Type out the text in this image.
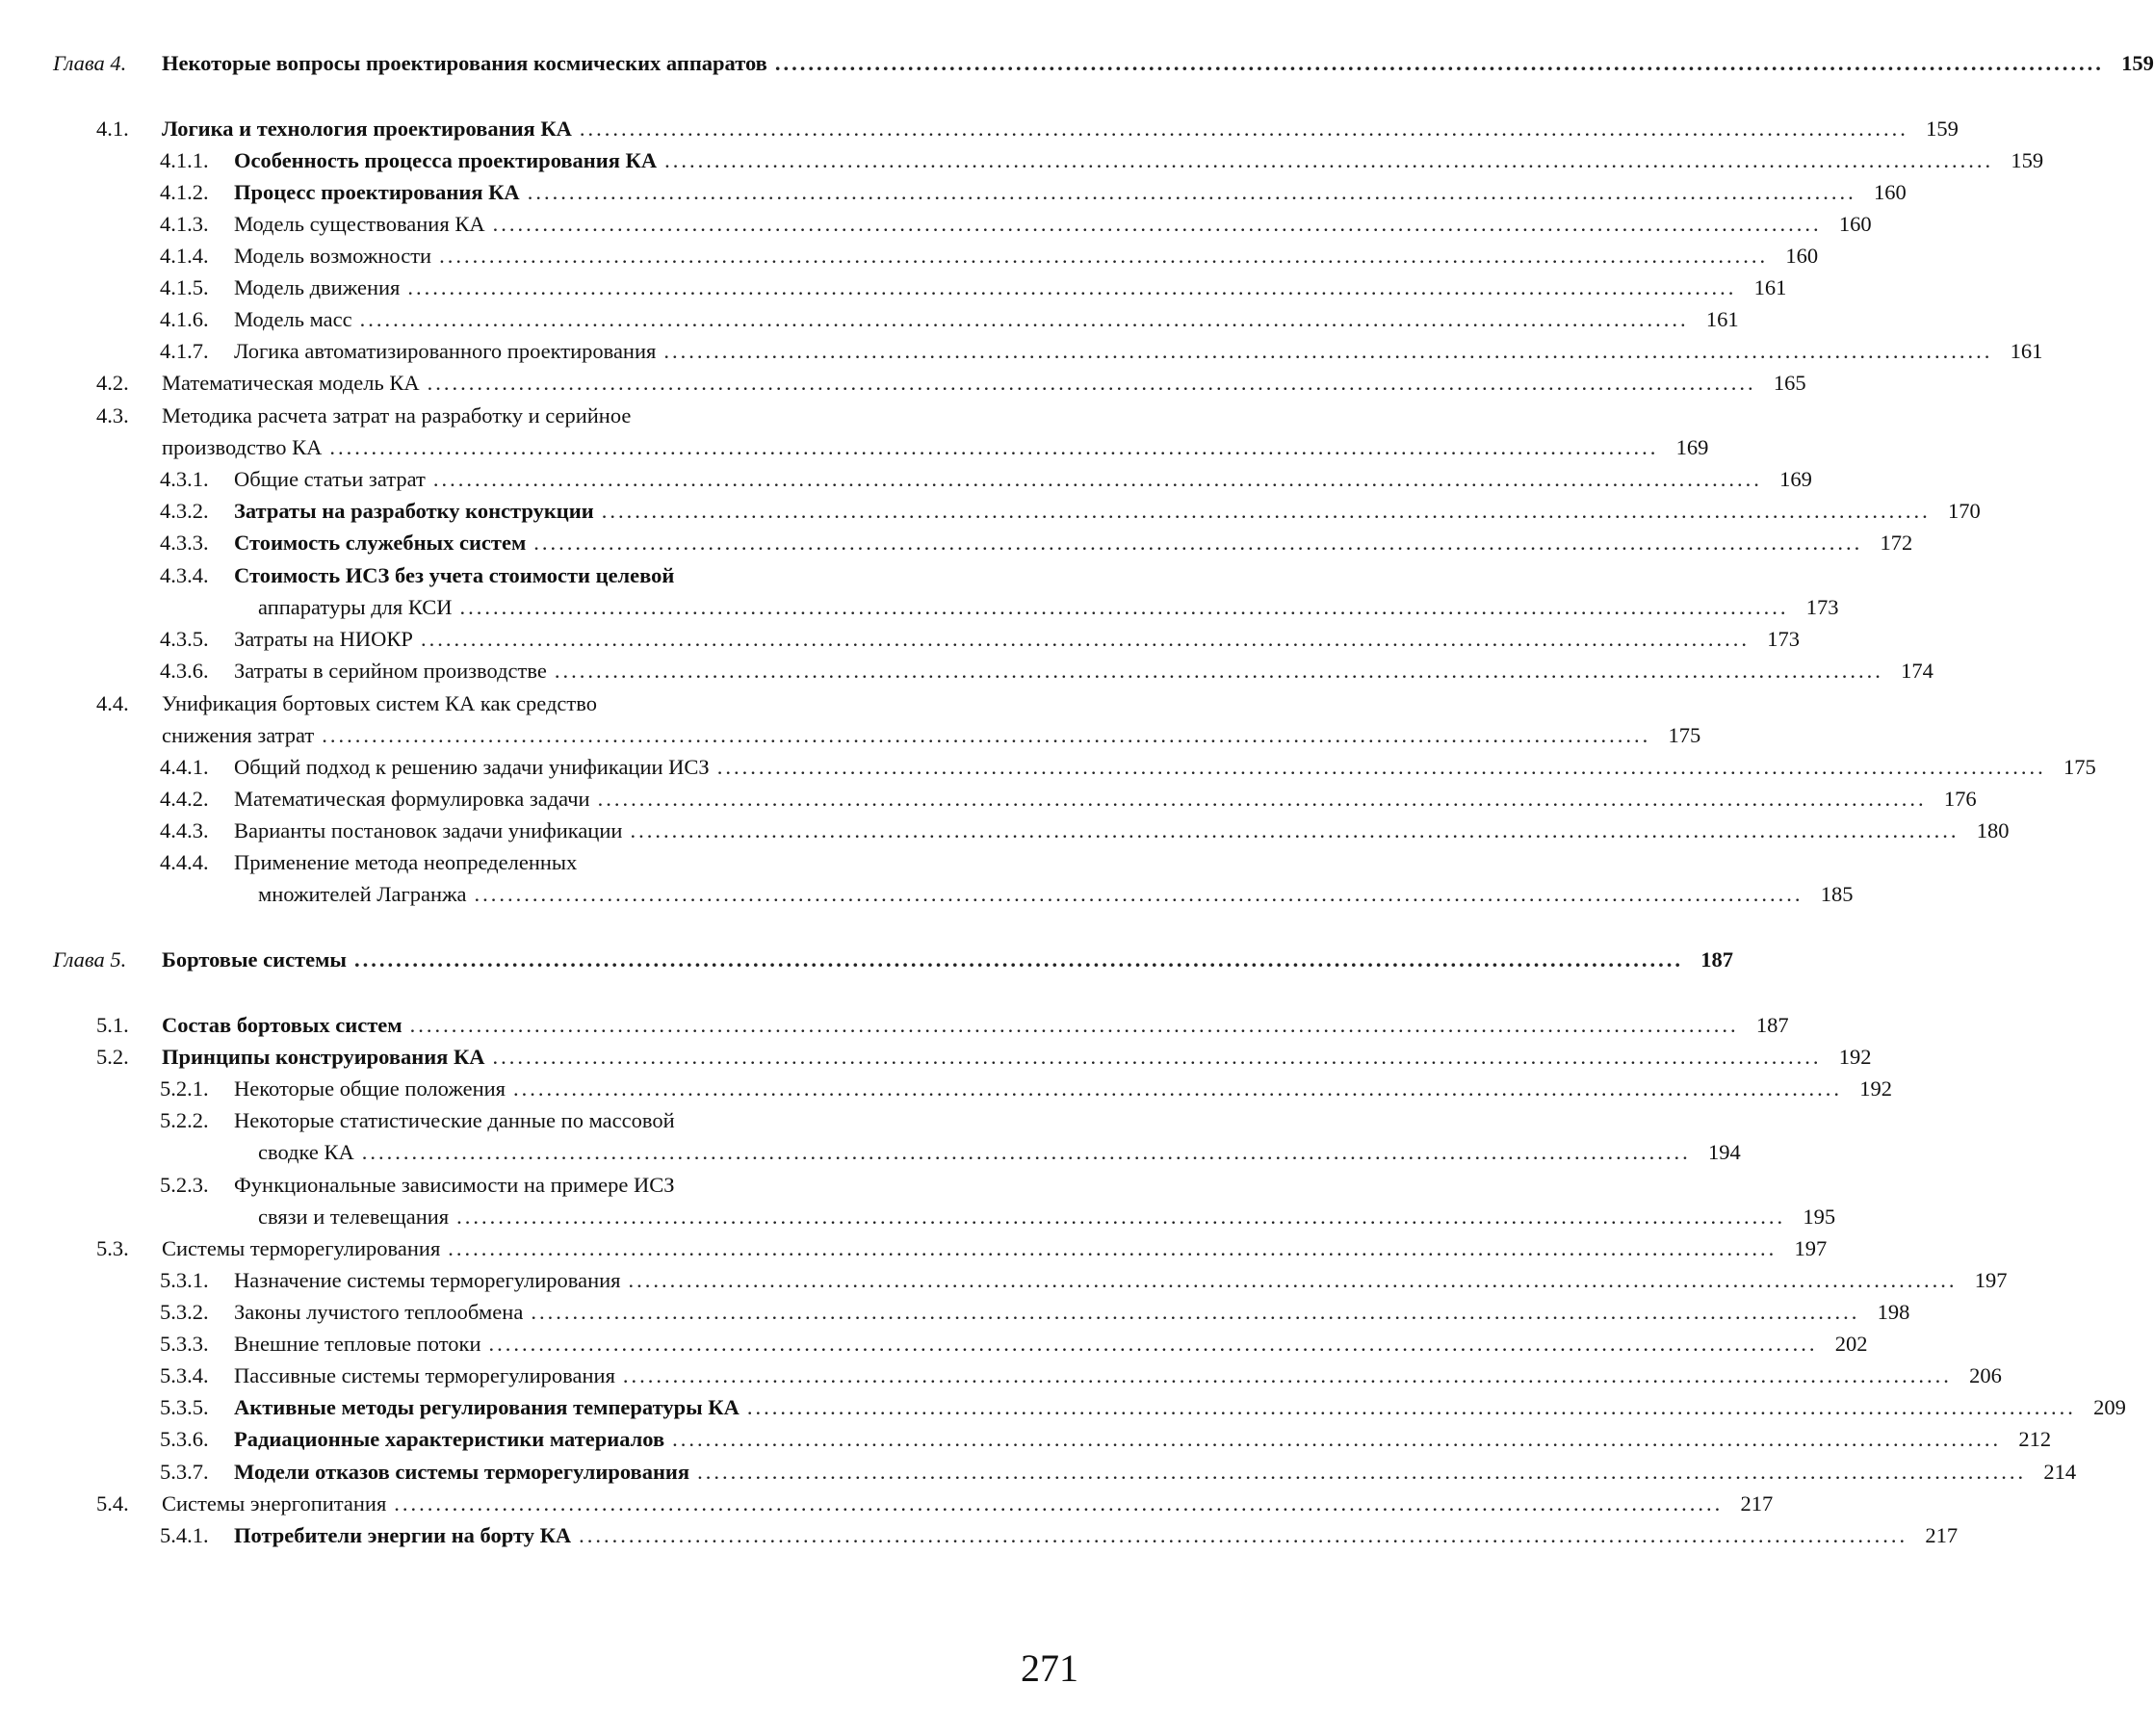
Глава 4. Некоторые вопросы проектирования космических аппаратов ................................................................................................................................................................ 159
4.1. Логика и технология проектирования КА ................................................................................................................................................................ 159
4.1.1. Особенность процесса проектирования КА ................................................................................................................................................................ 159
4.1.2. Процесс проектирования КА ................................................................................................................................................................ 160
4.1.3. Модель существования КА ................................................................................................................................................................ 160
4.1.4. Модель возможности ................................................................................................................................................................ 160
4.1.5. Модель движения ................................................................................................................................................................ 161
4.1.6. Модель масс ................................................................................................................................................................ 161
4.1.7. Логика автоматизированного проектирования ................................................................................................................................................................ 161
4.2. Математическая модель КА ................................................................................................................................................................ 165
4.3. Методика расчета затрат на разработку и серийное
производство КА ................................................................................................................................................................ 169
4.3.1. Общие статьи затрат ................................................................................................................................................................ 169
4.3.2. Затраты на разработку конструкции ................................................................................................................................................................ 170
4.3.3. Стоимость служебных систем ................................................................................................................................................................ 172
4.3.4. Стоимость ИСЗ без учета стоимости целевой
аппаратуры для КСИ ................................................................................................................................................................ 173
4.3.5. Затраты на НИОКР ................................................................................................................................................................ 173
4.3.6. Затраты в серийном производстве ................................................................................................................................................................ 174
4.4. Унификация бортовых систем КА как средство
снижения затрат ................................................................................................................................................................ 175
4.4.1. Общий подход к решению задачи унификации ИСЗ ................................................................................................................................................................ 175
4.4.2. Математическая формулировка задачи ................................................................................................................................................................ 176
4.4.3. Варианты постановок задачи унификации ................................................................................................................................................................ 180
4.4.4. Применение метода неопределенных
множителей Лагранжа ................................................................................................................................................................ 185
Глава 5. Бортовые системы ................................................................................................................................................................ 187
5.1. Состав бортовых систем ................................................................................................................................................................ 187
5.2. Принципы конструирования КА ................................................................................................................................................................ 192
5.2.1. Некоторые общие положения ................................................................................................................................................................ 192
5.2.2. Некоторые статистические данные по массовой
сводке КА ................................................................................................................................................................ 194
5.2.3. Функциональные зависимости на примере ИСЗ
связи и телевещания ................................................................................................................................................................ 195
5.3. Системы терморегулирования ................................................................................................................................................................ 197
5.3.1. Назначение системы терморегулирования ................................................................................................................................................................ 197
5.3.2. Законы лучистого теплообмена ................................................................................................................................................................ 198
5.3.3. Внешние тепловые потоки ................................................................................................................................................................ 202
5.3.4. Пассивные системы терморегулирования ................................................................................................................................................................ 206
5.3.5. Активные методы регулирования температуры КА ................................................................................................................................................................ 209
5.3.6. Радиационные характеристики материалов ................................................................................................................................................................ 212
5.3.7. Модели отказов системы терморегулирования ................................................................................................................................................................ 214
5.4. Системы энергопитания ................................................................................................................................................................ 217
5.4.1. Потребители энергии на борту КА ................................................................................................................................................................ 217
271
